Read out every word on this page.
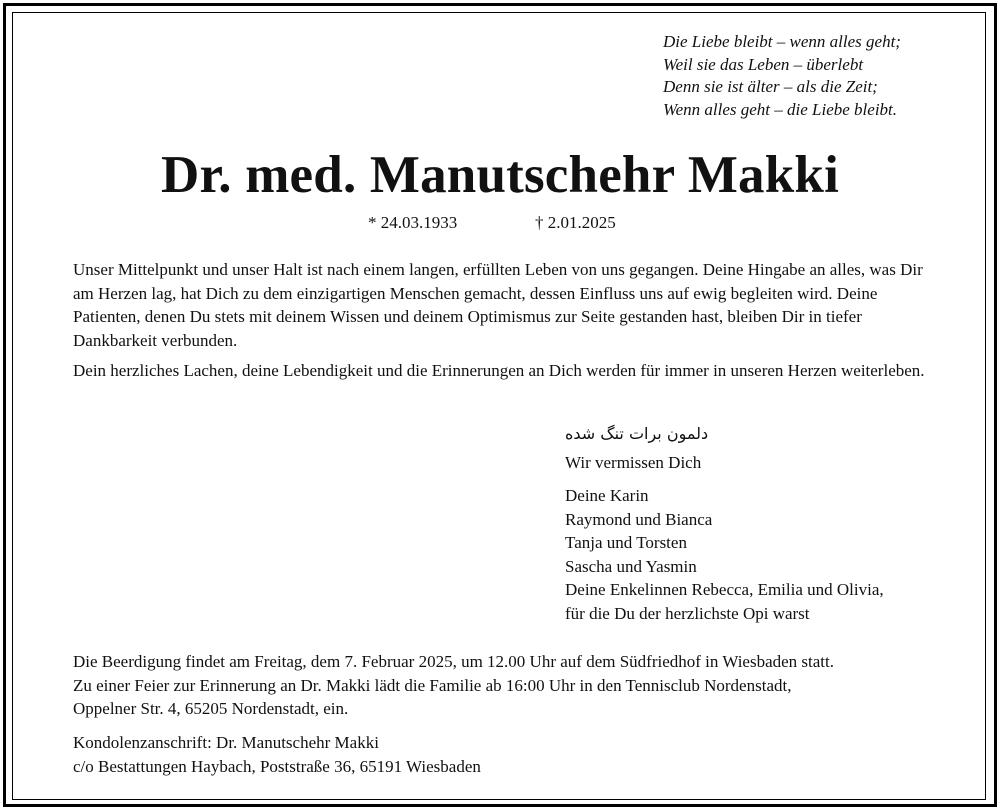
Die Liebe bleibt – wenn alles geht;
Weil sie das Leben – überlebt
Denn sie ist älter – als die Zeit;
Wenn alles geht – die Liebe bleibt.
Dr. med. Manutschehr Makki
* 24.03.1933	† 2.01.2025
Unser Mittelpunkt und unser Halt ist nach einem langen, erfüllten Leben von uns gegangen. Deine Hingabe an alles, was Dir am Herzen lag, hat Dich zu dem einzigartigen Menschen gemacht, dessen Einfluss uns auf ewig begleiten wird. Deine Patienten, denen Du stets mit deinem Wissen und deinem Optimismus zur Seite gestanden hast, bleiben Dir in tiefer Dankbarkeit verbunden.
Dein herzliches Lachen, deine Lebendigkeit und die Erinnerungen an Dich werden für immer in unseren Herzen weiterleben.
دلمون برات تنگ شده
Wir vermissen Dich
Deine Karin
Raymond und Bianca
Tanja und Torsten
Sascha und Yasmin
Deine Enkelinnen Rebecca, Emilia und Olivia,
für die Du der herzlichste Opi warst
Die Beerdigung findet am Freitag, dem 7. Februar 2025, um 12.00 Uhr auf dem Südfriedhof in Wiesbaden statt.
Zu einer Feier zur Erinnerung an Dr. Makki lädt die Familie ab 16:00 Uhr in den Tennisclub Nordenstadt,
Oppelner Str. 4, 65205 Nordenstadt, ein.
Kondolenzanschrift: Dr. Manutschehr Makki
c/o Bestattungen Haybach, Poststraße 36, 65191 Wiesbaden
